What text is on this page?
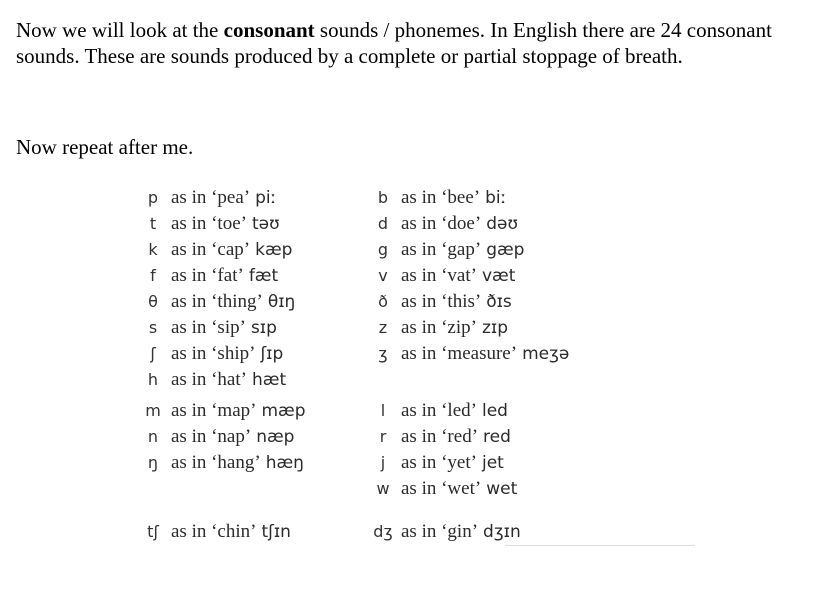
Now we will look at the consonant sounds / phonemes. In English there are 24 consonant sounds. These are sounds produced by a complete or partial stoppage of breath.

Now repeat after me.

p as in ‘pea’ piː
t as in ‘toe’ təʊ
k as in ‘cap’ kæp
f as in ‘fat’ fæt
θ as in ‘thing’ θɪŋ
s as in ‘sip’ sɪp
ʃ as in ‘ship’ ʃɪp
h as in ‘hat’ hæt
m as in ‘map’ mæp
n as in ‘nap’ næp
ŋ as in ‘hang’ hæŋ
tʃ as in ‘chin’ tʃɪn
b as in ‘bee’ biː
d as in ‘doe’ dəʊ
g as in ‘gap’ gæp
v as in ‘vat’ væt
ð as in ‘this’ ðɪs
z as in ‘zip’ zɪp
ʒ as in ‘measure’ meʒə
l as in ‘led’ led
r as in ‘red’ red
j as in ‘yet’ jet
w as in ‘wet’ wet
dʒ as in ‘gin’ dʒɪn
